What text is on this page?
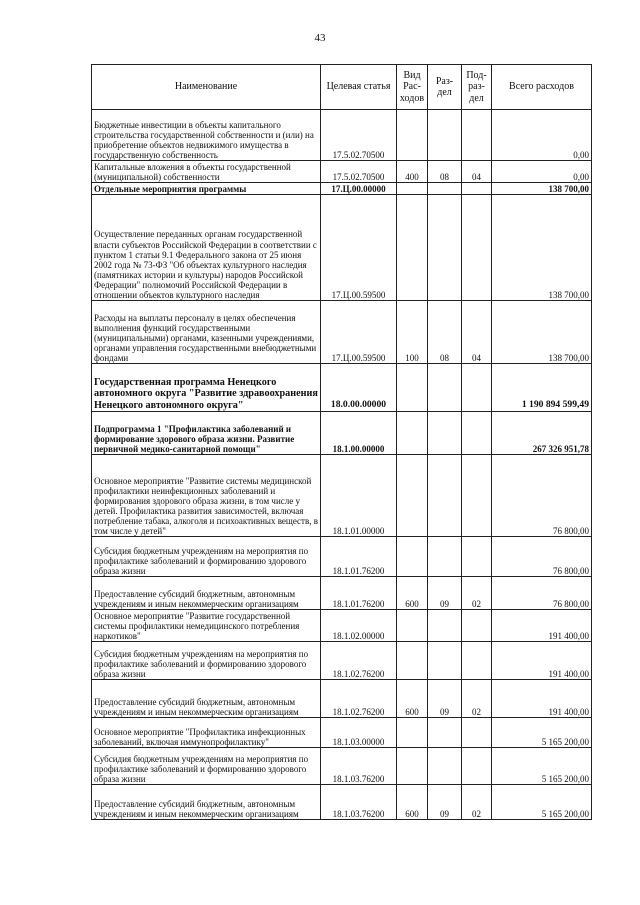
43
Наименование	Целевая статья	Вид Рас-ходов	Раз-дел	Под-раз-дел	Всего расходов
Бюджетные инвестиции в объекты капитального строительства государственной собственности и (или) на приобретение объектов недвижимого имущества в государственную собственность	17.5.02.70500				0,00
Капитальные вложения в объекты государственной (муниципальной) собственности	17.5.02.70500	400	08	04	0,00
Отдельные мероприятия программы	17.Ц.00.00000				138 700,00
Осуществление переданных органам государственной власти субъектов Российской Федерации в соответствии с пунктом 1 статьи 9.1 Федерального закона от 25 июня 2002 года № 73-ФЗ "Об объектах культурного наследия (памятниках истории и культуры) народов Российской Федерации" полномочий Российской Федерации в отношении объектов культурного наследия	17.Ц.00.59500				138 700,00
Расходы на выплаты персоналу в целях обеспечения выполнения функций государственными (муниципальными) органами, казенными учреждениями, органами управления государственными внебюджетными фондами	17.Ц.00.59500	100	08	04	138 700,00
Государственная программа Ненецкого автономного округа "Развитие здравоохранения Ненецкого автономного округа"	18.0.00.00000				1 190 894 599,49
Подпрограмма 1 "Профилактика заболеваний и формирование здорового образа жизни. Развитие первичной медико-санитарной помощи"	18.1.00.00000				267 326 951,78
Основное мероприятие "Развитие системы медицинской профилактики неинфекционных заболеваний и формирования здорового образа жизни, в том числе у детей. Профилактика развития зависимостей, включая потребление табака, алкоголя и психоактивных веществ, в том числе у детей"	18.1.01.00000				76 800,00
Субсидия бюджетным учреждениям на мероприятия по профилактике заболеваний и формированию здорового образа жизни	18.1.01.76200				76 800,00
Предоставление субсидий бюджетным, автономным учреждениям и иным некоммерческим организациям	18.1.01.76200	600	09	02	76 800,00
Основное мероприятие "Развитие государственной системы профилактики немедицинского потребления наркотиков"	18.1.02.00000				191 400,00
Субсидия бюджетным учреждениям на мероприятия по профилактике заболеваний и формированию здорового образа жизни	18.1.02.76200				191 400,00
Предоставление субсидий бюджетным, автономным учреждениям и иным некоммерческим организациям	18.1.02.76200	600	09	02	191 400,00
Основное мероприятие "Профилактика инфекционных заболеваний, включая иммунопрофилактику"	18.1.03.00000				5 165 200,00
Субсидия бюджетным учреждениям на мероприятия по профилактике заболеваний и формированию здорового образа жизни	18.1.03.76200				5 165 200,00
Предоставление субсидий бюджетным, автономным учреждениям и иным некоммерческим организациям	18.1.03.76200	600	09	02	5 165 200,00
